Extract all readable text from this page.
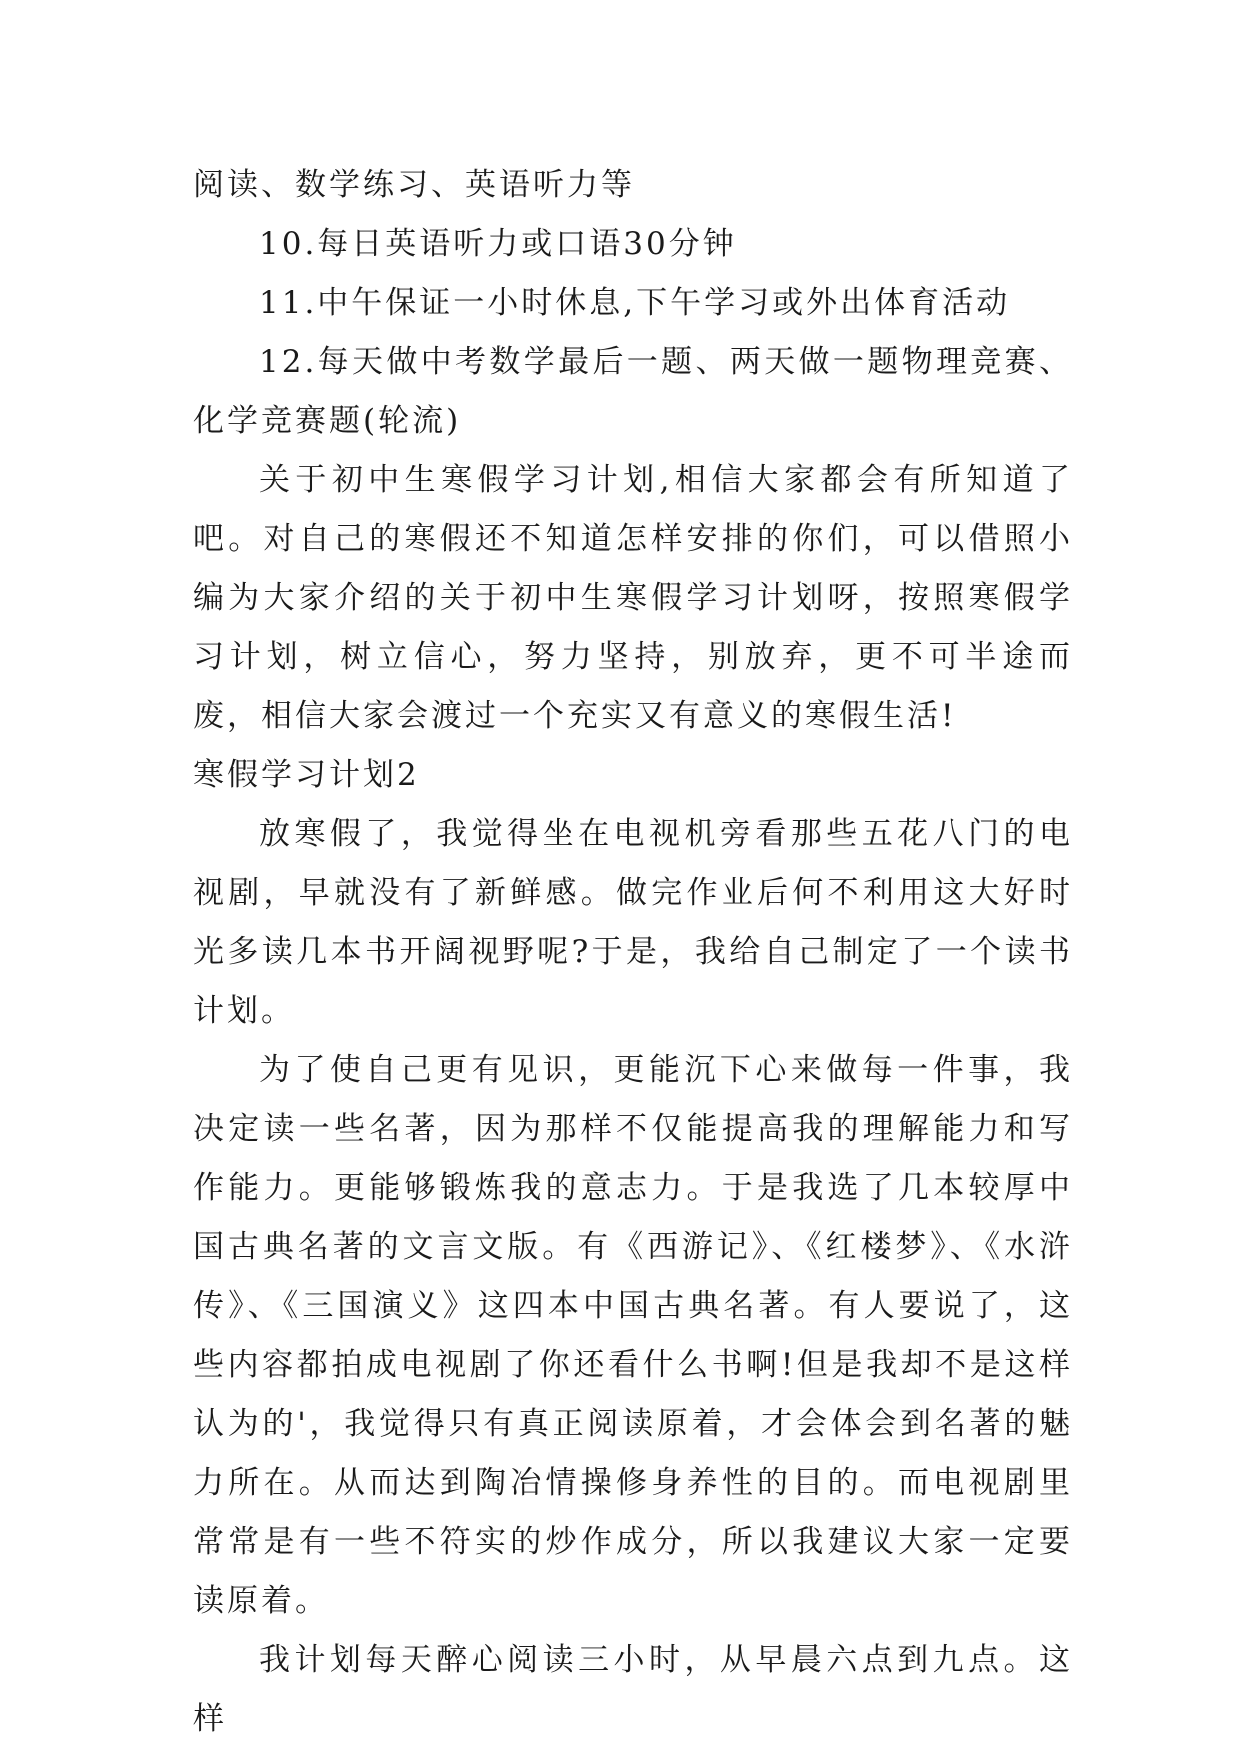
阅读、数学练习、英语听力等

10.每日英语听力或口语30分钟

11.中午保证一小时休息,下午学习或外出体育活动

12.每天做中考数学最后一题、两天做一题物理竞赛、化学竞赛题(轮流)

关于初中生寒假学习计划,相信大家都会有所知道了吧。对自己的寒假还不知道怎样安排的你们，可以借照小编为大家介绍的关于初中生寒假学习计划呀，按照寒假学习计划，树立信心，努力坚持，别放弃，更不可半途而废，相信大家会渡过一个充实又有意义的寒假生活!

寒假学习计划2

放寒假了，我觉得坐在电视机旁看那些五花八门的电视剧，早就没有了新鲜感。做完作业后何不利用这大好时光多读几本书开阔视野呢?于是，我给自己制定了一个读书计划。

为了使自己更有见识，更能沉下心来做每一件事，我决定读一些名著，因为那样不仅能提高我的理解能力和写作能力。更能够锻炼我的意志力。于是我选了几本较厚中国古典名著的文言文版。有《西游记》、《红楼梦》、《水浒传》、《三国演义》这四本中国古典名著。有人要说了，这些内容都拍成电视剧了你还看什么书啊!但是我却不是这样认为的'，我觉得只有真正阅读原着，才会体会到名著的魅力所在。从而达到陶冶情操修身养性的目的。而电视剧里常常是有一些不符实的炒作成分，所以我建议大家一定要读原着。

我计划每天醉心阅读三小时，从早晨六点到九点。这样
